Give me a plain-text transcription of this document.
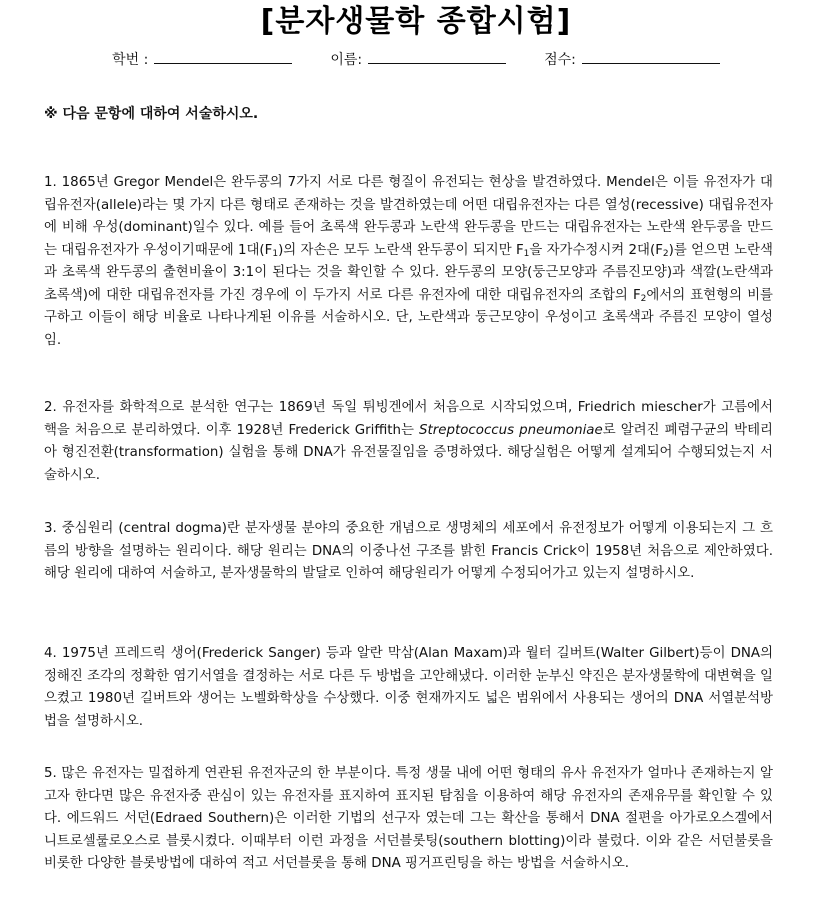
[분자생물학 종합시험]
학번 :	이름:	점수:
※ 다음 문항에 대하여 서술하시오.
1. 1865년 Gregor Mendel은 완두콩의 7가지 서로 다른 형질이 유전되는 현상을 발견하였다. Mendel은 이들 유전자가 대립유전자(allele)라는 몇 가지 다른 형태로 존재하는 것을 발견하였는데 어떤 대립유전자는 다른 열성(recessive) 대립유전자에 비해 우성(dominant)일수 있다. 예를 들어 초록색 완두콩과 노란색 완두콩을 만드는 대립유전자는 노란색 완두콩을 만드는 대립유전자가 우성이기때문에 1대$(F_1)$의 자손은 모두 노란색 완두콩이 되지만 $F_1$을 자가수정시켜 2대$(F_2)$를 얻으면 노란색과 초록색 완두콩의 출현비율이 3:1이 된다는 것을 확인할 수 있다. 완두콩의 모양(둥근모양과 주름진모양)과 색깔(노란색과 초록색)에 대한 대립유전자를 가진 경우에 이 두가지 서로 다른 유전자에 대한 대립유전자의 조합의 $F_2$에서의 표현형의 비를 구하고 이들이 해당 비율로 나타나게된 이유를 서술하시오. 단, 노란색과 둥근모양이 우성이고 초록색과 주름진 모양이 열성임.
2. 유전자를 화학적으로 분석한 연구는 1869년 독일 튀빙겐에서 처음으로 시작되었으며, Friedrich miescher가 고름에서 핵을 처음으로 분리하였다. 이후 1928년 Frederick Griffith는 Streptococcus pneumoniae로 알려진 폐렴구균의 박테리아 형진전환(transformation) 실험을 통해 DNA가 유전물질임을 증명하였다. 해당실험은 어떻게 설계되어 수행되었는지 서술하시오.
3. 중심원리 (central dogma)란 분자생물 분야의 중요한 개념으로 생명체의 세포에서 유전정보가 어떻게 이용되는지 그 흐름의 방향을 설명하는 원리이다. 해당 원리는 DNA의 이중나선 구조를 밝힌 Francis Crick이 1958년 처음으로 제안하였다. 해당 원리에 대하여 서술하고, 분자생물학의 발달로 인하여 해당원리가 어떻게 수정되어가고 있는지 설명하시오.
4. 1975년 프레드릭 생어(Frederick Sanger) 등과 알란 막삼(Alan Maxam)과 월터 길버트(Walter Gilbert)등이 DNA의 정해진 조각의 정확한 염기서열을 결정하는 서로 다른 두 방법을 고안해냈다. 이러한 눈부신 약진은 분자생물학에 대변혁을 일으켰고 1980년 길버트와 생어는 노벨화학상을 수상했다. 이중 현재까지도 넓은 범위에서 사용되는 생어의 DNA 서열분석방법을 설명하시오.
5. 많은 유전자는 밀접하게 연관된 유전자군의 한 부분이다. 특정 생물 내에 어떤 형태의 유사 유전자가 얼마나 존재하는지 알고자 한다면 많은 유전자중 관심이 있는 유전자를 표지하여 표지된 탐침을 이용하여 해당 유전자의 존재유무를 확인할 수 있다. 에드워드 서던(Edraed Southern)은 이러한 기법의 선구자 였는데 그는 확산을 통해서 DNA 절편을 아가로오스겔에서 니트로셀룰로오스로 블롯시켰다. 이때부터 이런 과정을 서던블롯팅(southern blotting)이라 불렀다. 이와 같은 서던불롯을 비롯한 다양한 블롯방법에 대하여 적고 서던블롯을 통해 DNA 핑거프린팅을 하는 방법을 서술하시오.
